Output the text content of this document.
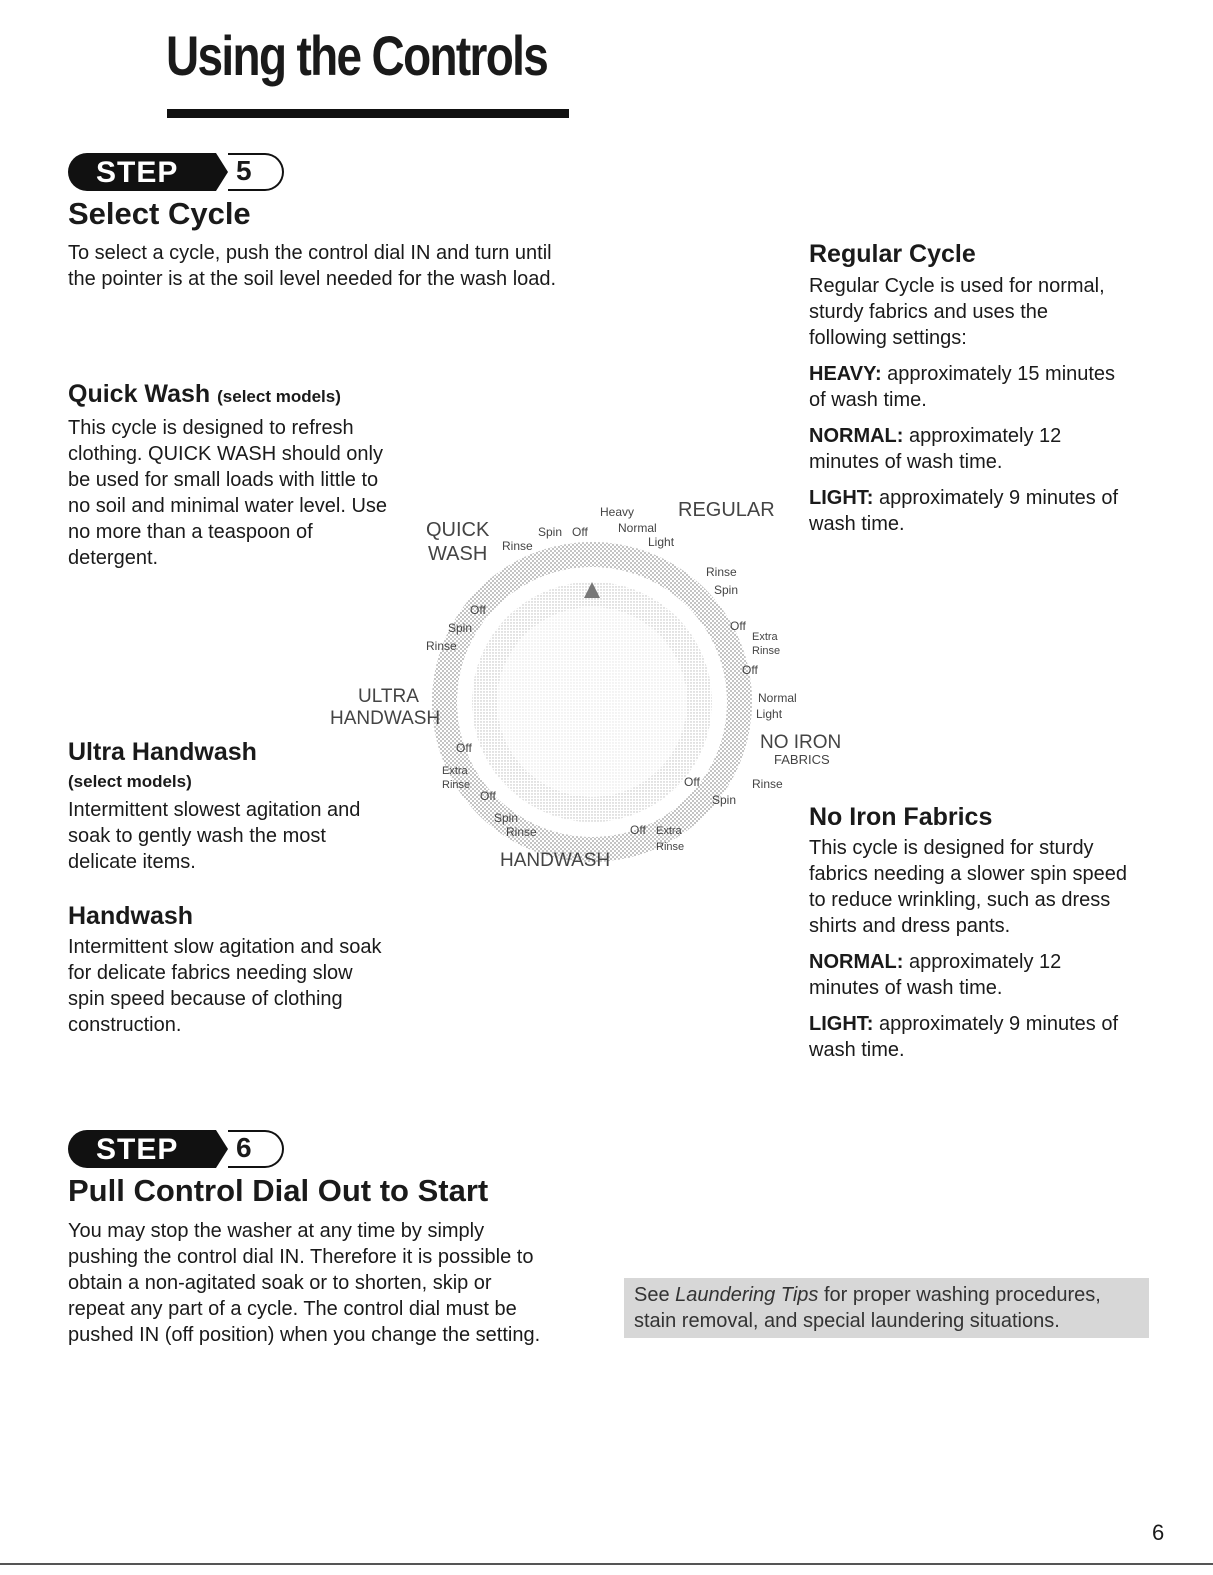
Using the Controls
STEP 5
Select Cycle
To select a cycle, push the control dial IN and turn until
the pointer is at the soil level needed for the wash load.
Quick Wash (select models)
This cycle is designed to refresh
clothing. QUICK WASH should only
be used for small loads with little to
no soil and minimal water level. Use
no more than a teaspoon of
detergent.
Ultra Handwash
(select models)
Intermittent slowest agitation and
soak to gently wash the most
delicate items.
Handwash
Intermittent slow agitation and soak
for delicate fabrics needing slow
spin speed because of clothing
construction.
Regular Cycle

Regular Cycle is used for normal,
sturdy fabrics and uses the
following settings:

HEAVY: approximately 15 minutes
of wash time.

NORMAL: approximately 12
minutes of wash time.

LIGHT: approximately 9 minutes of
wash time.

No Iron Fabrics

This cycle is designed for sturdy
fabrics needing a slower spin speed
to reduce wrinkling, such as dress
shirts and dress pants.

NORMAL: approximately 12
minutes of wash time.

LIGHT: approximately 9 minutes of
wash time.

QUICK
WASH
REGULAR
ULTRA
HANDWASH
NO IRON
FABRICS
HANDWASH
Heavy
Normal
Light
Rinse
Spin
Off
Extra
Rinse
Off
Normal
Light
Rinse
Spin
Off
Off Extra
Rinse
Spin Off
Rinse
Off
Spin
Rinse
Off
Extra
Rinse
Off
Spin
Rinse
STEP 6
Pull Control Dial Out to Start
You may stop the washer at any time by simply
pushing the control dial IN. Therefore it is possible to
obtain a non-agitated soak or to shorten, skip or
repeat any part of a cycle. The control dial must be
pushed IN (off position) when you change the setting.
See Laundering Tips for proper washing procedures,
stain removal, and special laundering situations.
6
